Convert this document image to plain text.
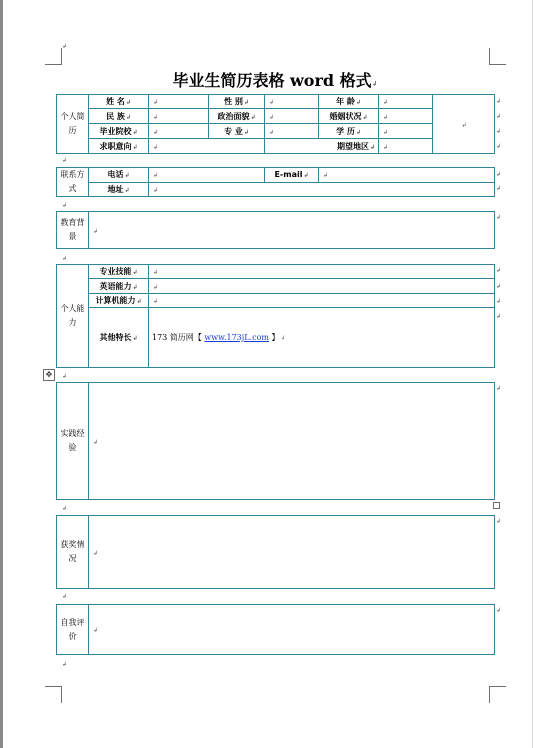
毕业生简历表格 word 格式↲
个人简历	姓 名↲	↲	性 别↲	↲	年 龄↲	↲	↲
	民 族↲	↲	政治面貌↲	↲	婚姻状况↲	↲	
	毕业院校↲	↲	专 业↲	↲	学 历↲	↲	
	求职意向↲	↲		期望地区↲		↲	
联系方式	电话↲	↲	E-mail↲	↲
	地址↲	↲		
教育背景	↲
个人能力	专业技能↲	↲
	英语能力↲	↲
	计算机能力↲	↲
	其他特长↲	173 简历网【 www.173jL.com 】↲
✥
实践经验	↲
获奖情况	↲
自我评价	↲
↲
↲
↲
↲
↲
↲
↲
↲
↲
↲
↲
↲
↲
↲
↲
↲
↲
↲
↲
↲
↲
↲
